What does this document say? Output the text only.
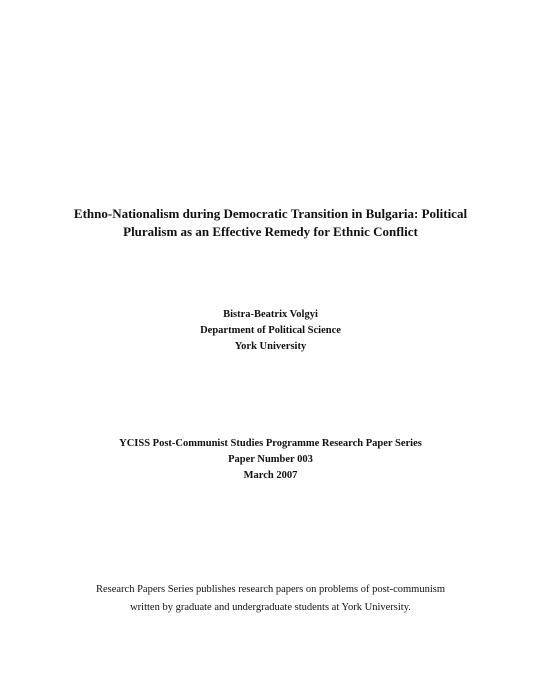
Ethno-Nationalism during Democratic Transition in Bulgaria: Political
Pluralism as an Effective Remedy for Ethnic Conflict
Bistra-Beatrix Volgyi
Department of Political Science
York University
YCISS Post-Communist Studies Programme Research Paper Series
Paper Number 003
March 2007
Research Papers Series publishes research papers on problems of post-communism
written by graduate and undergraduate students at York University.
